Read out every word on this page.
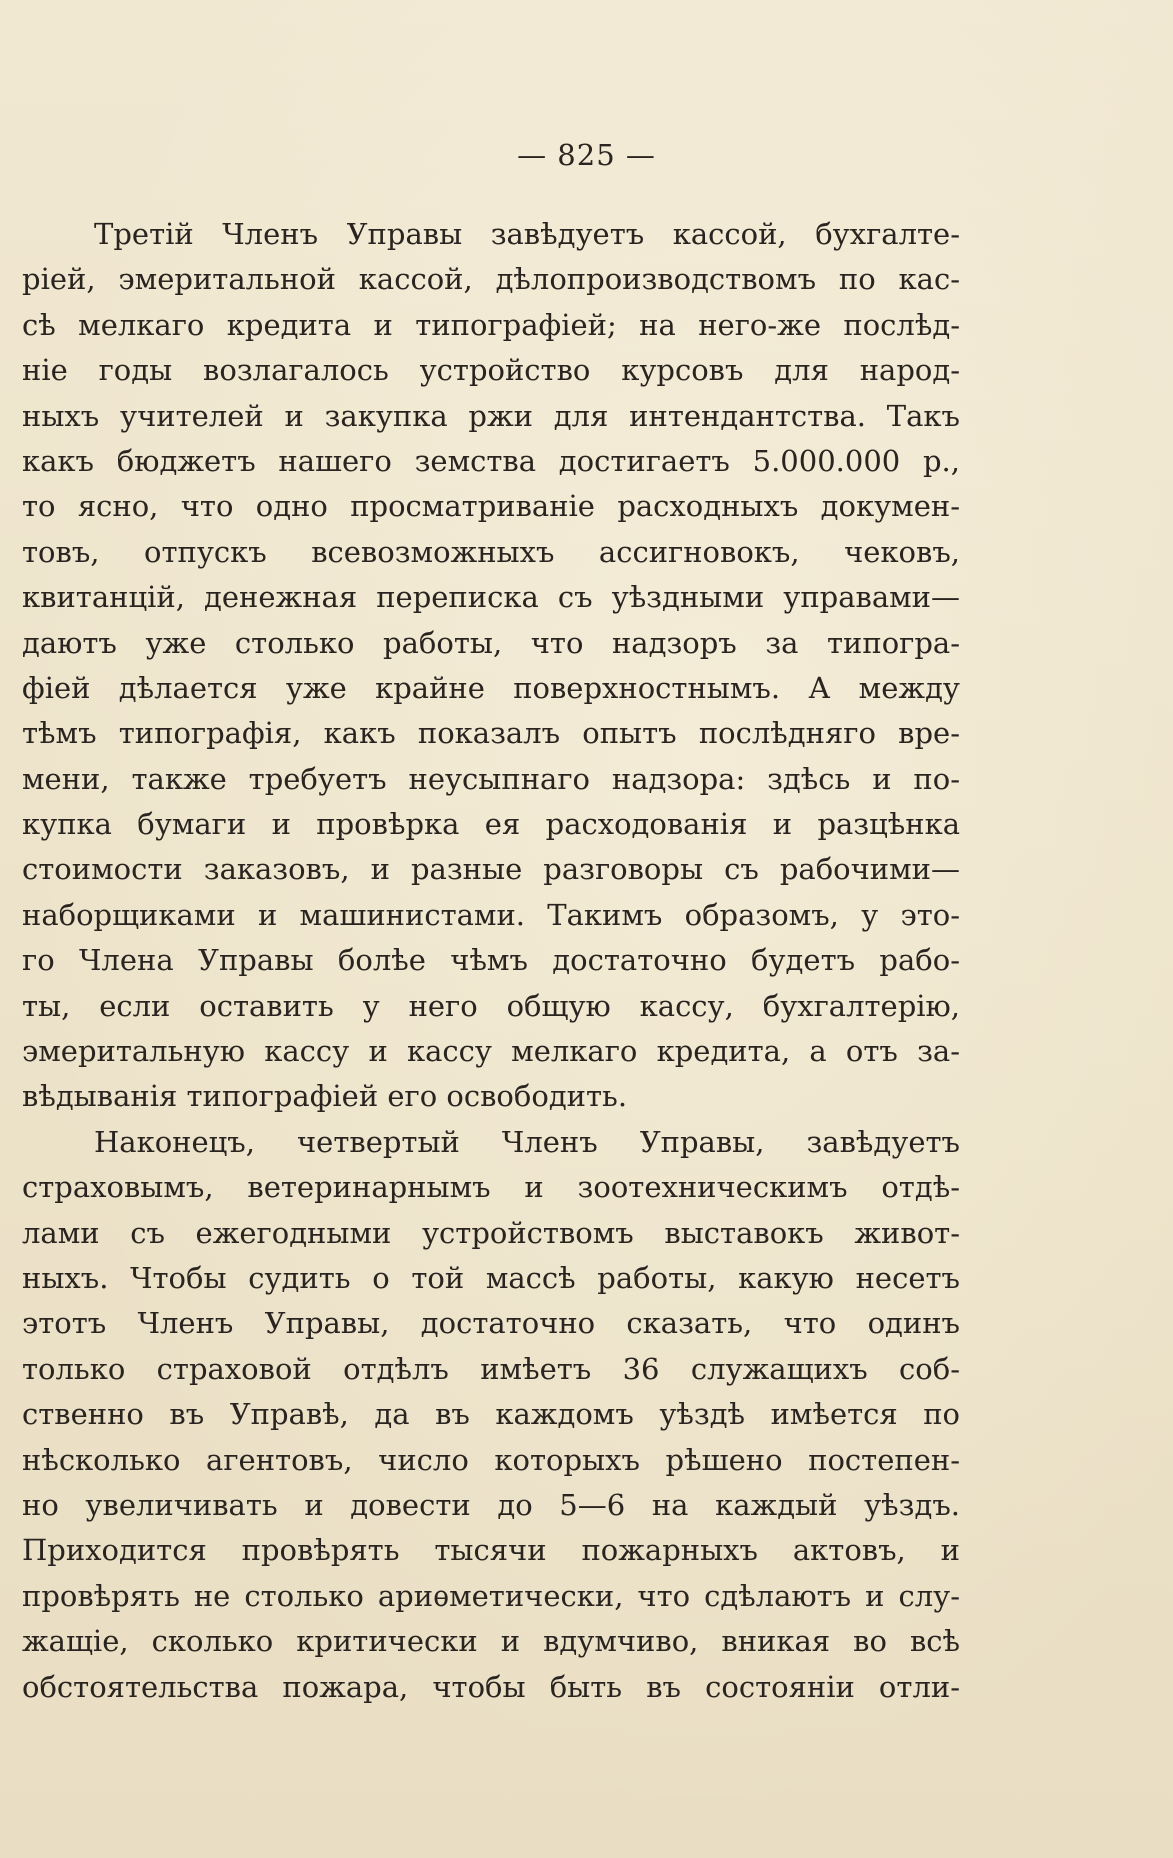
— 825 —
Третій Членъ Управы завѣдуетъ кассой, бухгалте-
ріей, эмеритальной кассой, дѣлопроизводствомъ по кас-
сѣ мелкаго кредита и типографіей; на него-же послѣд-
ніе годы возлагалось устройство курсовъ для народ-
ныхъ учителей и закупка ржи для интендантства. Такъ
какъ бюджетъ нашего земства достигаетъ 5.000.000 р.,
то ясно, что одно просматриваніе расходныхъ докумен-
товъ, отпускъ всевозможныхъ ассигновокъ, чековъ,
квитанцій, денежная переписка съ уѣздными управами—
даютъ уже столько работы, что надзоръ за типогра-
фіей дѣлается уже крайне поверхностнымъ. А между
тѣмъ типографія, какъ показалъ опытъ послѣдняго вре-
мени, также требуетъ неусыпнаго надзора: здѣсь и по-
купка бумаги и провѣрка ея расходованія и разцѣнка
стоимости заказовъ, и разные разговоры съ рабочими—
наборщиками и машинистами. Такимъ образомъ, у это-
го Члена Управы болѣе чѣмъ достаточно будетъ рабо-
ты, если оставить у него общую кассу, бухгалтерію,
эмеритальную кассу и кассу мелкаго кредита, а отъ за-
вѣдыванія типографіей его освободить.
Наконецъ, четвертый Членъ Управы, завѣдуетъ
страховымъ, ветеринарнымъ и зоотехническимъ отдѣ-
лами съ ежегодными устройствомъ выставокъ живот-
ныхъ. Чтобы судить о той массѣ работы, какую несетъ
этотъ Членъ Управы, достаточно сказать, что одинъ
только страховой отдѣлъ имѣетъ 36 служащихъ соб-
ственно въ Управѣ, да въ каждомъ уѣздѣ имѣется по
нѣсколько агентовъ, число которыхъ рѣшено постепен-
но увеличивать и довести до 5—6 на каждый уѣздъ.
Приходится провѣрять тысячи пожарныхъ актовъ, и
провѣрять не столько ариѳметически, что сдѣлаютъ и слу-
жащіе, сколько критически и вдумчиво, вникая во всѣ
обстоятельства пожара, чтобы быть въ состояніи отли-
